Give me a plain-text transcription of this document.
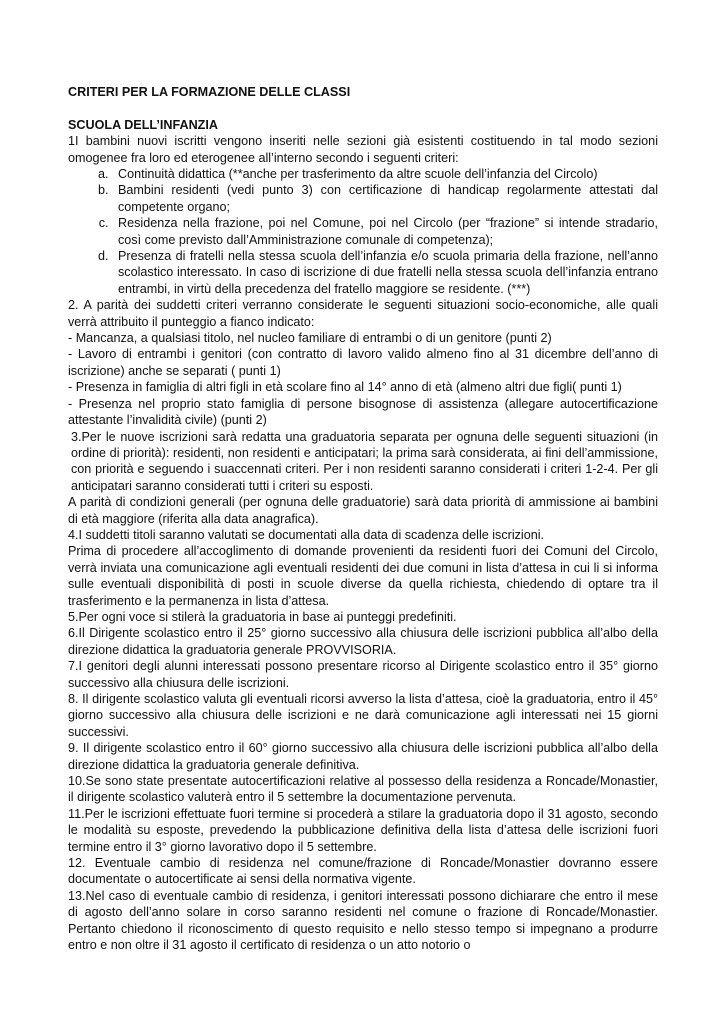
CRITERI PER LA FORMAZIONE DELLE CLASSI
SCUOLA DELL’INFANZIA

1I bambini nuovi iscritti vengono inseriti nelle sezioni già esistenti costituendo in tal modo sezioni omogenee fra loro ed eterogenee all’interno secondo i seguenti criteri:

a. Continuità didattica (**anche per trasferimento da altre scuole dell’infanzia del Circolo)
b. Bambini residenti (vedi punto 3) con certificazione di handicap regolarmente attestati dal competente organo;
c. Residenza nella frazione, poi nel Comune, poi nel Circolo (per “frazione” si intende stradario, così come previsto dall’Amministrazione comunale di competenza);
d. Presenza di fratelli nella stessa scuola dell’infanzia e/o scuola primaria della frazione, nell’anno scolastico interessato. In caso di iscrizione di due fratelli nella stessa scuola dell’infanzia entrano entrambi, in virtù della precedenza del fratello maggiore se residente. (***)

2. A parità dei suddetti criteri verranno considerate le seguenti situazioni socio-economiche, alle quali verrà attribuito il punteggio a fianco indicato:

- Mancanza, a qualsiasi titolo, nel nucleo familiare di entrambi o di un genitore (punti 2)

- Lavoro di entrambi i genitori (con contratto di lavoro valido almeno fino al 31 dicembre dell’anno di iscrizione) anche se separati ( punti 1)

- Presenza in famiglia di altri figli in età scolare fino al 14° anno di età (almeno altri due figli( punti 1)

- Presenza nel proprio stato famiglia di persone bisognose di assistenza (allegare autocertificazione attestante l’invalidità civile) (punti 2)

3.Per le nuove iscrizioni sarà redatta una graduatoria separata per ognuna delle seguenti situazioni (in ordine di priorità): residenti, non residenti e anticipatari; la prima sarà considerata, ai fini dell’ammissione, con priorità e seguendo i suaccennati criteri. Per i non residenti saranno considerati i criteri 1-2-4. Per gli anticipatari saranno considerati tutti i criteri su esposti.

A parità di condizioni generali (per ognuna delle graduatorie) sarà data priorità di ammissione ai bambini di età maggiore (riferita alla data anagrafica).

4.I suddetti titoli saranno valutati se documentati alla data di scadenza delle iscrizioni.

Prima di procedere all’accoglimento di domande provenienti da residenti fuori dei Comuni del Circolo, verrà inviata una comunicazione agli eventuali residenti dei due comuni in lista d’attesa in cui li si informa sulle eventuali disponibilità di posti in scuole diverse da quella richiesta, chiedendo di optare tra il trasferimento e la permanenza in lista d’attesa.

5.Per ogni voce si stilerà la graduatoria in base ai punteggi predefiniti.

6.Il Dirigente scolastico entro il 25° giorno successivo alla chiusura delle iscrizioni pubblica all’albo della direzione didattica la graduatoria generale PROVVISORIA.

7.I genitori degli alunni interessati possono presentare ricorso al Dirigente scolastico entro il 35° giorno successivo alla chiusura delle iscrizioni.

8. Il dirigente scolastico valuta gli eventuali ricorsi avverso la lista d’attesa, cioè la graduatoria, entro il 45° giorno successivo alla chiusura delle iscrizioni e ne darà comunicazione agli interessati nei 15 giorni successivi.

9. Il dirigente scolastico entro il 60° giorno successivo alla chiusura delle iscrizioni pubblica all’albo della direzione didattica la graduatoria generale definitiva.

10.Se sono state presentate autocertificazioni relative al possesso della residenza a Roncade/Monastier, il dirigente scolastico valuterà entro il 5 settembre la documentazione pervenuta.

11.Per le iscrizioni effettuate fuori termine si procederà a stilare la graduatoria dopo il 31 agosto, secondo le modalità su esposte, prevedendo la pubblicazione definitiva della lista d’attesa delle iscrizioni fuori termine entro il 3° giorno lavorativo dopo il 5 settembre.

12. Eventuale cambio di residenza nel comune/frazione di Roncade/Monastier dovranno essere documentate o autocertificate ai sensi della normativa vigente.

13.Nel caso di eventuale cambio di residenza, i genitori interessati possono dichiarare che entro il mese di agosto dell’anno solare in corso saranno residenti nel comune o frazione di Roncade/Monastier. Pertanto chiedono il riconoscimento di questo requisito e nello stesso tempo si impegnano a produrre entro e non oltre il 31 agosto il certificato di residenza o un atto notorio o
